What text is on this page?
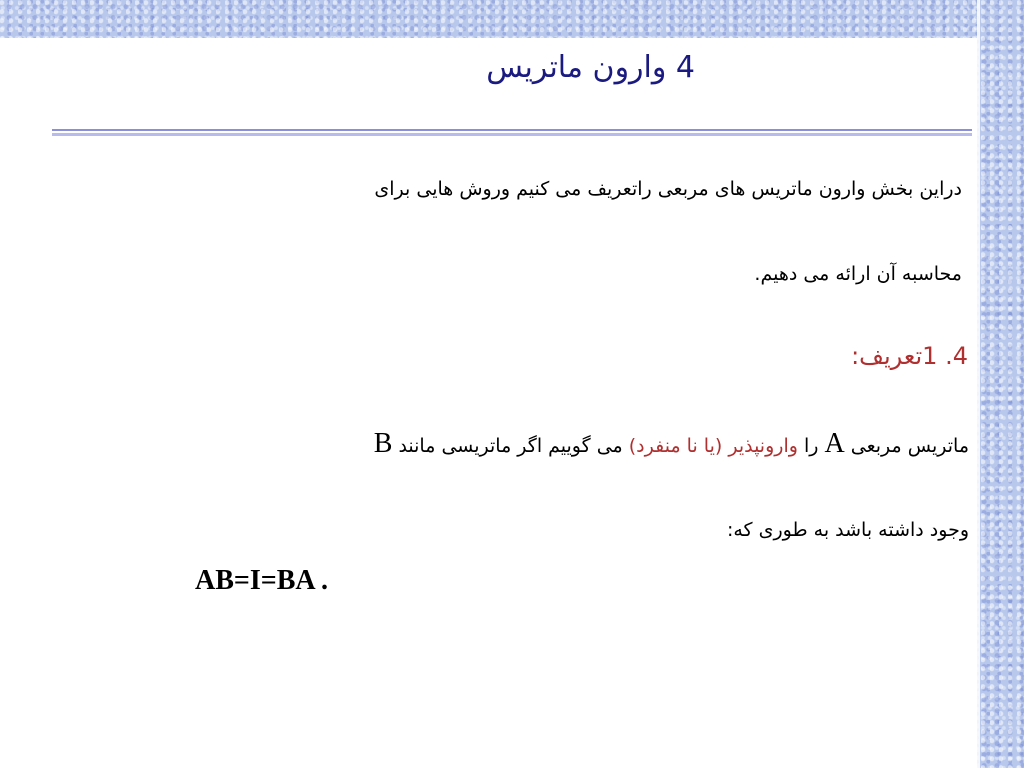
4 وارون ماتریس
دراین بخش وارون ماتریس های مربعی راتعریف می کنیم وروش هایی برای
محاسبه آن ارائه می دهیم.
4. 1تعریف:
ماتریس مربعی A را وارونپذیر (یا نا منفرد) می گوییم اگر ماتریسی مانند B
وجود داشته باشد به طوری که:
AB=I=BA .
